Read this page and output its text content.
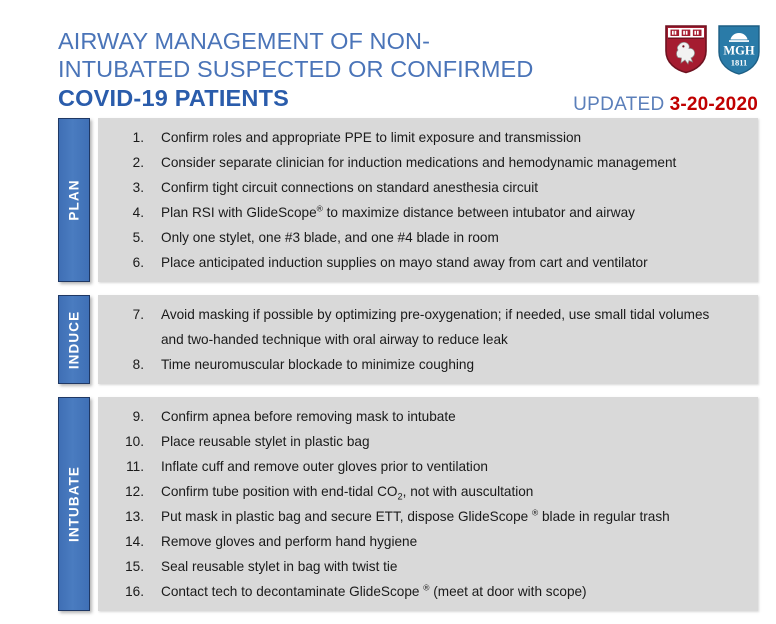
AIRWAY MANAGEMENT OF NON-
INTUBATED SUSPECTED OR CONFIRMED
COVID-19 PATIENTS
MGH
1811
UPDATED 3-20-2020
PLAN
1.	Confirm roles and appropriate PPE to limit exposure and transmission
2.	Consider separate clinician for induction medications and hemodynamic management
3.	Confirm tight circuit connections on standard anesthesia circuit
4.	Plan RSI with GlideScope® to maximize distance between intubator and airway
5.	Only one stylet, one #3 blade, and one #4 blade in room
6.	Place anticipated induction supplies on mayo stand away from cart and ventilator
INDUCE	7.	Avoid masking if possible by optimizing pre-oxygenation; if needed, use small tidal volumes
and two-handed technique with oral airway to reduce leak
8.	Time neuromuscular blockade to minimize coughing
INTUBATE
9.	Confirm apnea before removing mask to intubate
10.	Place reusable stylet in plastic bag
11.	Inflate cuff and remove outer gloves prior to ventilation
12.	Confirm tube position with end-tidal $CO_2$, not with auscultation
13.	Put mask in plastic bag and secure ETT, dispose GlideScope ® blade in regular trash
14.	Remove gloves and perform hand hygiene
15.	Seal reusable stylet in bag with twist tie
16.	Contact tech to decontaminate GlideScope ® (meet at door with scope)
